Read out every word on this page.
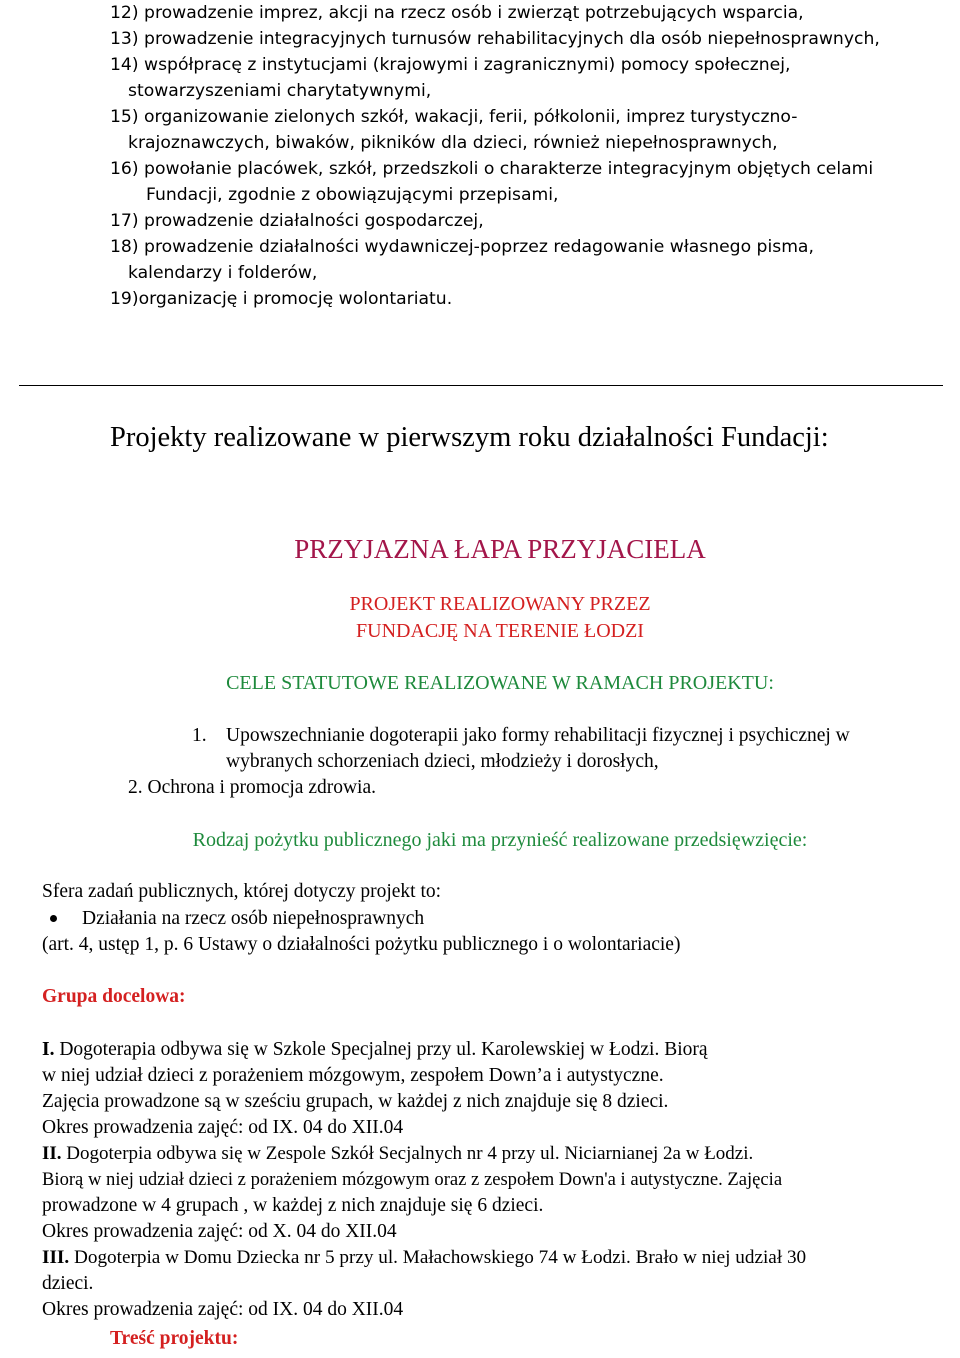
12) prowadzenie imprez, akcji na rzecz osób i zwierząt potrzebujących wsparcia,
13) prowadzenie integracyjnych turnusów rehabilitacyjnych dla osób niepełnosprawnych,
14) współpracę z instytucjami (krajowymi i zagranicznymi) pomocy społecznej,
stowarzyszeniami charytatywnymi,
15) organizowanie zielonych szkół, wakacji, ferii, półkolonii, imprez turystyczno-
krajoznawczych, biwaków, pikników dla dzieci, również niepełnosprawnych,
16) powołanie placówek, szkół, przedszkoli o charakterze integracyjnym objętych celami
Fundacji, zgodnie z obowiązującymi przepisami,
17) prowadzenie działalności gospodarczej,
18) prowadzenie działalności wydawniczej-poprzez redagowanie własnego pisma,
kalendarzy i folderów,
19)organizację i promocję wolontariatu.
Projekty realizowane w pierwszym roku działalności Fundacji:
PRZYJAZNA ŁAPA PRZYJACIELA
PROJEKT REALIZOWANY PRZEZ
FUNDACJĘ NA TERENIE ŁODZI
CELE STATUTOWE REALIZOWANE W RAMACH PROJEKTU:
1. Upowszechnianie dogoterapii jako formy rehabilitacji fizycznej i psychicznej w
wybranych schorzeniach dzieci, młodzieży i dorosłych,
2. Ochrona i promocja zdrowia.
Rodzaj pożytku publicznego jaki ma przynieść realizowane przedsięwzięcie:
Sfera zadań publicznych, której dotyczy projekt to:
Działania na rzecz osób niepełnosprawnych
(art. 4, ustęp 1, p. 6 Ustawy o działalności pożytku publicznego i o wolontariacie)
Grupa docelowa:
I. Dogoterapia odbywa się w Szkole Specjalnej przy ul. Karolewskiej w Łodzi. Biorą
w niej udział dzieci z porażeniem mózgowym, zespołem Down’a i autystyczne.
Zajęcia prowadzone są w sześciu grupach, w każdej z nich znajduje się 8 dzieci.
Okres prowadzenia zajęć: od IX. 04 do XII.04
II. Dogoterpia odbywa się w Zespole Szkół Secjalnych nr 4 przy ul. Niciarnianej 2a w Łodzi.
Biorą w niej udział dzieci z porażeniem mózgowym oraz z zespołem Down'a i autystyczne. Zajęcia
prowadzone w 4 grupach , w każdej z nich znajduje się 6 dzieci.
Okres prowadzenia zajęć: od X. 04 do XII.04
III. Dogoterpia w Domu Dziecka nr 5 przy ul. Małachowskiego 74 w Łodzi. Brało w niej udział 30
dzieci.
Okres prowadzenia zajęć: od IX. 04 do XII.04
Treść projektu:
